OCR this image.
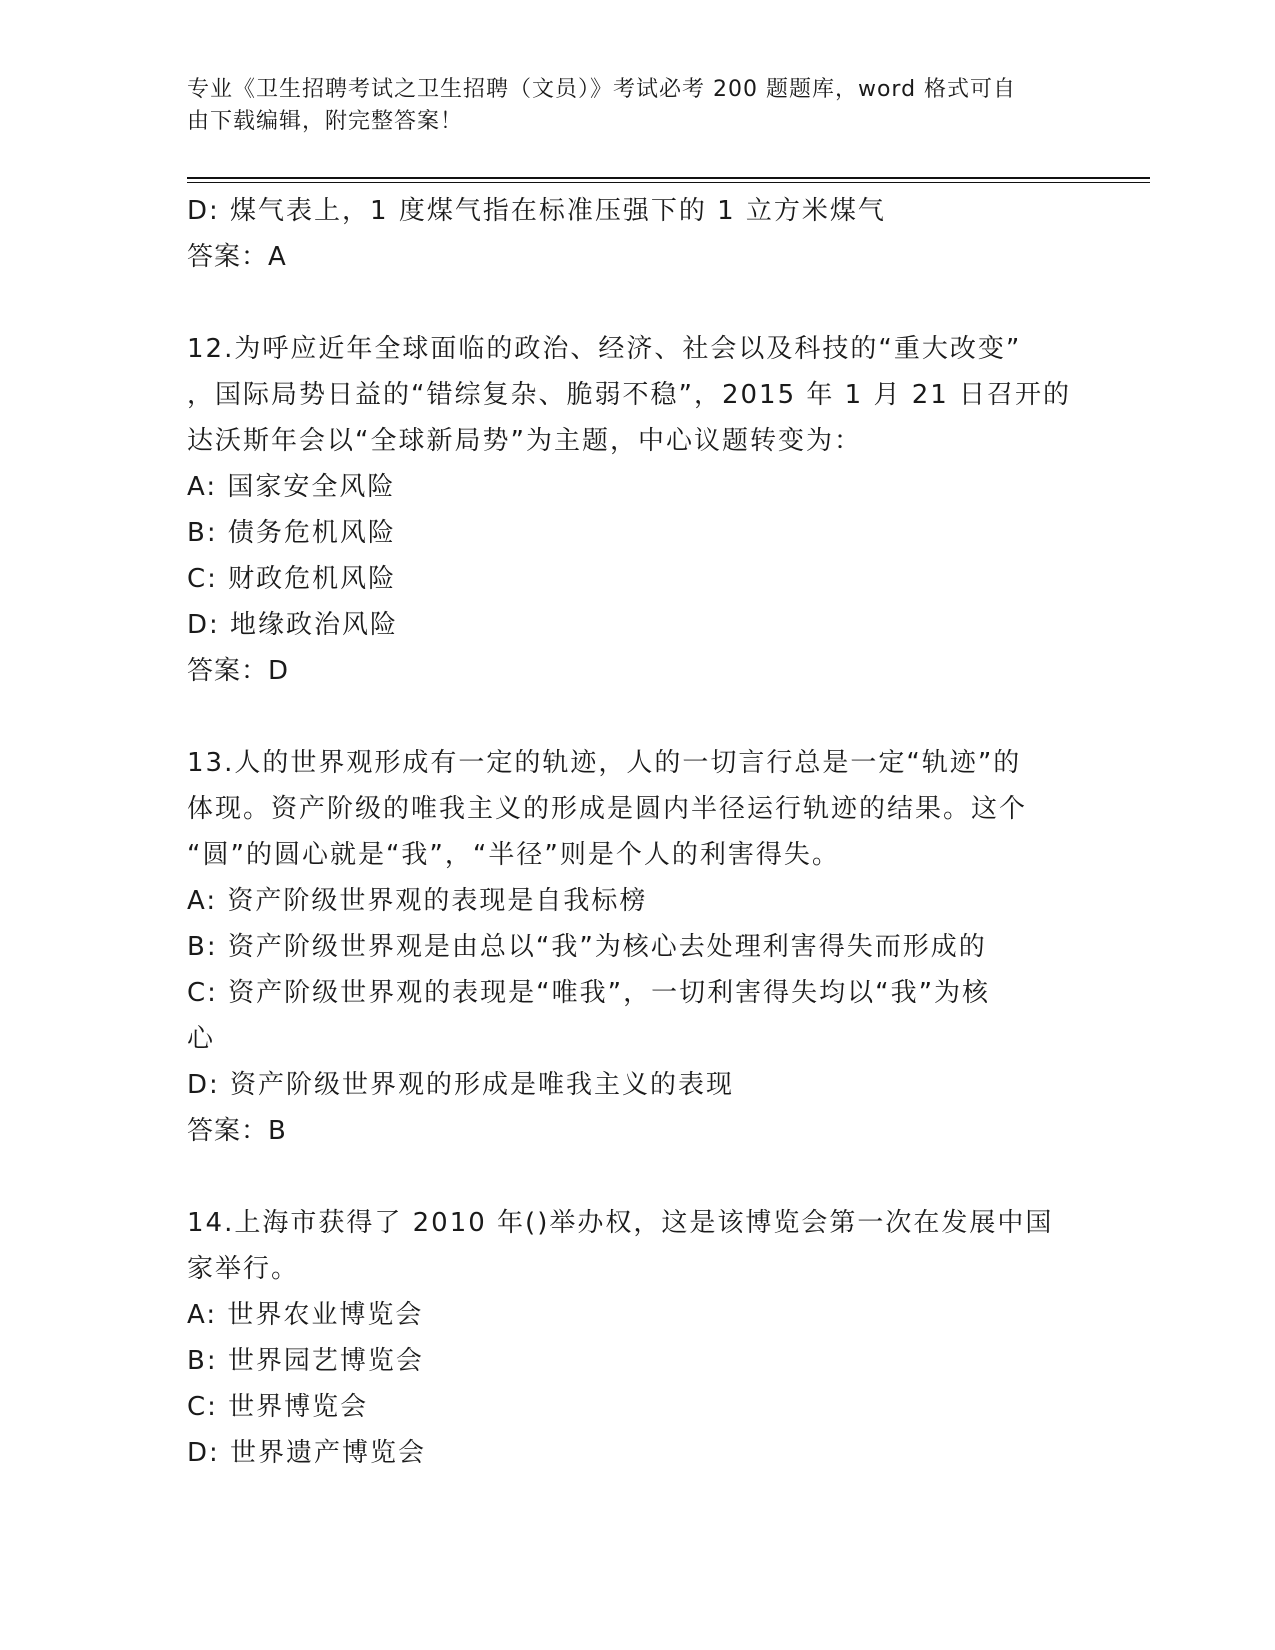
专业《卫生招聘考试之卫生招聘（文员）》考试必考 200 题题库，word 格式可自
由下载编辑，附完整答案！
D: 煤气表上，1 度煤气指在标准压强下的 1 立方米煤气
答案：A
12.为呼应近年全球面临的政治、经济、社会以及科技的“重大改变”
，国际局势日益的“错综复杂、脆弱不稳”，2015 年 1 月 21 日召开的
达沃斯年会以“全球新局势”为主题，中心议题转变为：
A: 国家安全风险
B: 债务危机风险
C: 财政危机风险
D: 地缘政治风险
答案：D
13.人的世界观形成有一定的轨迹，人的一切言行总是一定“轨迹”的
体现。资产阶级的唯我主义的形成是圆内半径运行轨迹的结果。这个
“圆”的圆心就是“我”，“半径”则是个人的利害得失。
A: 资产阶级世界观的表现是自我标榜
B: 资产阶级世界观是由总以“我”为核心去处理利害得失而形成的
C: 资产阶级世界观的表现是“唯我”，一切利害得失均以“我”为核
心
D: 资产阶级世界观的形成是唯我主义的表现
答案：B
14.上海市获得了 2010 年()举办权，这是该博览会第一次在发展中国
家举行。
A: 世界农业博览会
B: 世界园艺博览会
C: 世界博览会
D: 世界遗产博览会
